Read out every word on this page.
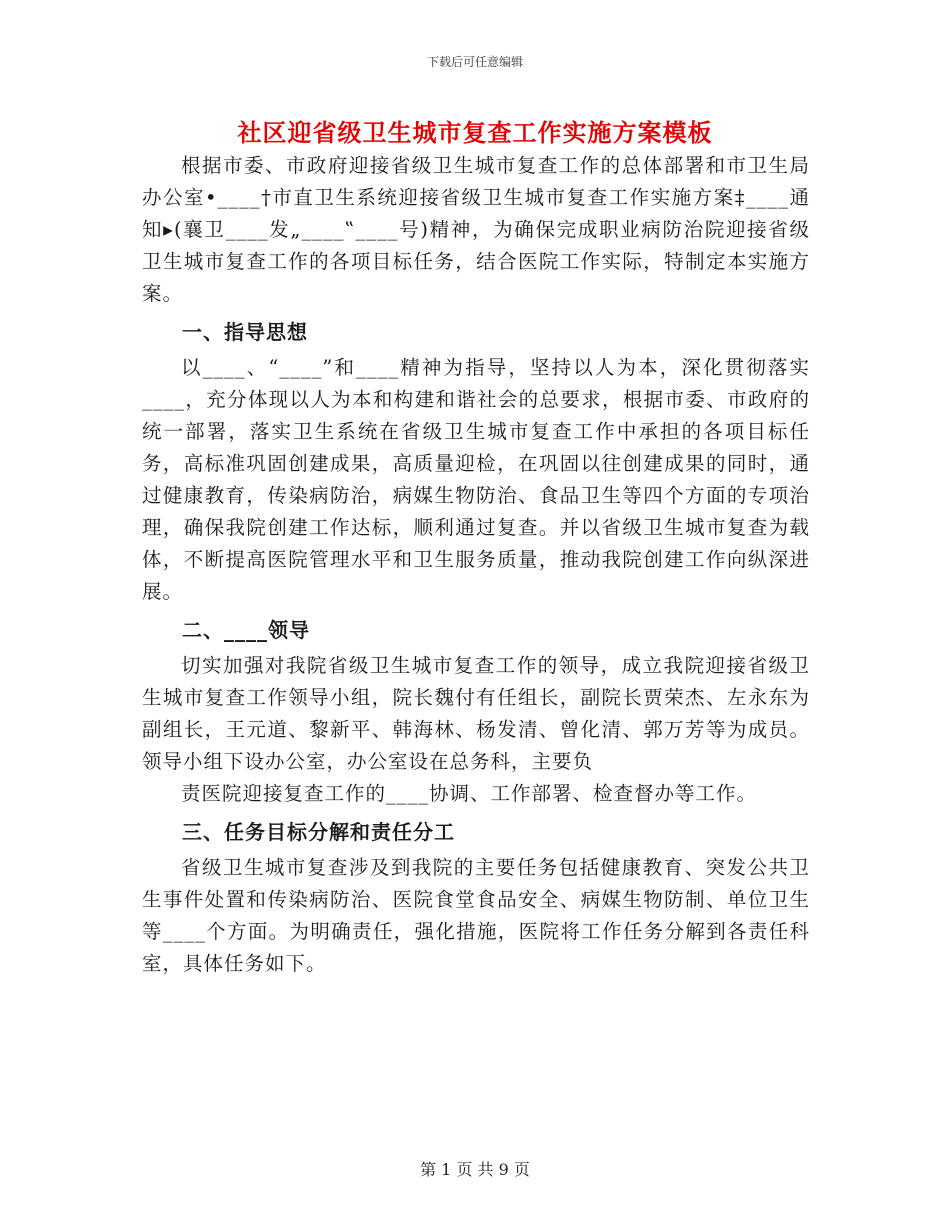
下载后可任意编辑
社区迎省级卫生城市复查工作实施方案模板

根据市委、市政府迎接省级卫生城市复查工作的总体部署和市卫生局办公室•____†市直卫生系统迎接省级卫生城市复查工作实施方案‡____通知▸(襄卫____发„____‟____号)精神，为确保完成职业病防治院迎接省级卫生城市复查工作的各项目标任务，结合医院工作实际，特制定本实施方案。

一、指导思想

以____、“____”和____精神为指导，坚持以人为本，深化贯彻落实____，充分体现以人为本和构建和谐社会的总要求，根据市委、市政府的统一部署，落实卫生系统在省级卫生城市复查工作中承担的各项目标任务，高标准巩固创建成果，高质量迎检，在巩固以往创建成果的同时，通过健康教育，传染病防治，病媒生物防治、食品卫生等四个方面的专项治理，确保我院创建工作达标，顺利通过复查。并以省级卫生城市复查为载体，不断提高医院管理水平和卫生服务质量，推动我院创建工作向纵深进展。

二、____领导

切实加强对我院省级卫生城市复查工作的领导，成立我院迎接省级卫生城市复查工作领导小组，院长魏付有任组长，副院长贾荣杰、左永东为副组长，王元道、黎新平、韩海林、杨发清、曾化清、郭万芳等为成员。领导小组下设办公室，办公室设在总务科，主要负

责医院迎接复查工作的____协调、工作部署、检查督办等工作。

三、任务目标分解和责任分工

省级卫生城市复查涉及到我院的主要任务包括健康教育、突发公共卫生事件处置和传染病防治、医院食堂食品安全、病媒生物防制、单位卫生等____个方面。为明确责任，强化措施，医院将工作任务分解到各责任科室，具体任务如下。

第 1 页 共 9 页
